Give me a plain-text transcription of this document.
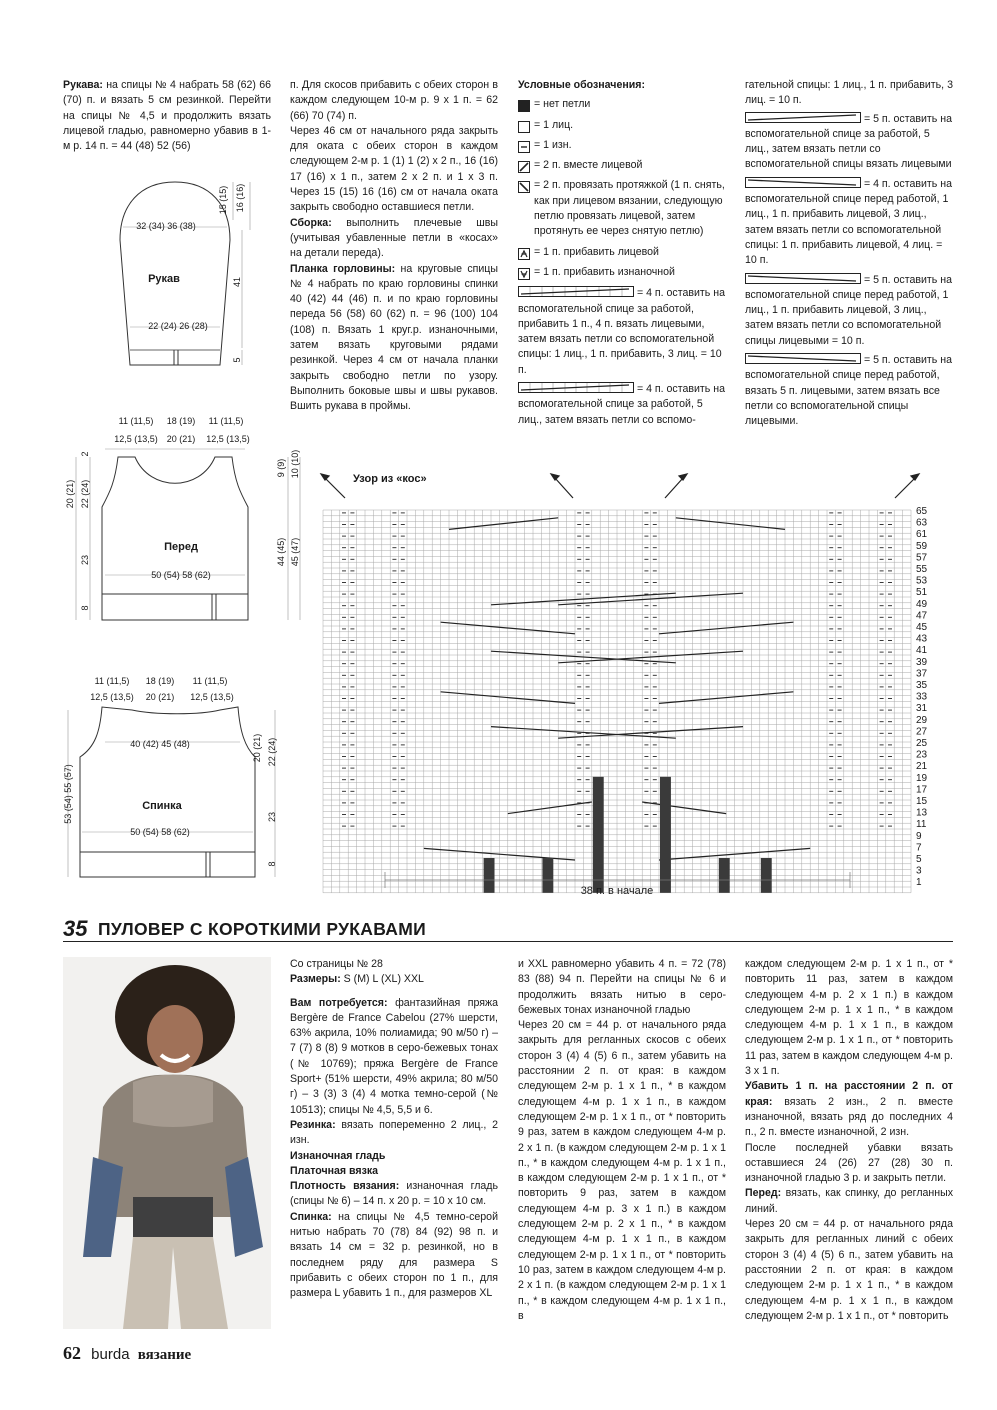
Рукава: на спицы № 4 набрать 58 (62) 66 (70) п. и вязать 5 см резинкой. Перейти на спицы № 4,5 и продолжить вязать лицевой гладью, равномерно убавив в 1-м р. 14 п. = 44 (48) 52 (56)

п. Для скосов прибавить с обеих сторон в каждом следующем 10-м р. 9 х 1 п. = 62 (66) 70 (74) п.

Через 46 см от начального ряда закрыть для оката с обеих сторон в каждом следующем 2-м р. 1 (1) 1 (2) х 2 п., 16 (16) 17 (16) х 1 п., затем 2 х 2 п. и 1 х 3 п. Через 15 (15) 16 (16) см от начала оката закрыть свободно оставшиеся петли.

Сборка: выполнить плечевые швы (учитывая убавленные петли в «косах» на детали переда).

Планка горловины: на круговые спицы № 4 набрать по краю горловины спинки 40 (42) 44 (46) п. и по краю горловины переда 56 (58) 60 (62) п. = 96 (100) 104 (108) п. Вязать 1 круг.р. изнаночными, затем вязать круговыми рядами резинкой. Через 4 см от начала планки закрыть свободно петли по узору. Выполнить боковые швы и швы рукавов. Вшить рукава в проймы.

Условные обозначения:
= нет петли
= 1 лиц.
= 1 изн.
= 2 п. вместе лицевой
= 2 п. провязать протяжкой (1 п. снять, как при лицевом вязании, следующую петлю провязать лицевой, затем протянуть ее через снятую петлю)
= 1 п. прибавить лицевой
= 1 п. прибавить изнаночной
= 4 п. оставить на вспомогательной спице за работой, прибавить 1 п., 4 п. вязать лицевыми, затем вязать петли со вспомогательной спицы: 1 лиц., 1 п. прибавить, 3 лиц. = 10 п.
= 4 п. оставить на вспомогательной спице за работой, 5 лиц., затем вязать петли со вспомо-

гательной спицы: 1 лиц., 1 п. прибавить, 3 лиц. = 10 п.

= 5 п. оставить на вспомогательной спице за работой, 5 лиц., затем вязать петли со вспомогательной спицы вязать лицевыми
= 4 п. оставить на вспомогательной спице перед работой, 1 лиц., 1 п. прибавить лицевой, 3 лиц., затем вязать петли со вспомогательной спицы: 1 п. прибавить лицевой, 4 лиц. = 10 п.
= 5 п. оставить на вспомогательной спице перед работой, 1 лиц., 1 п. прибавить лицевой, 3 лиц., затем вязать петли со вспомогательной спицы лицевыми = 10 п.
= 5 п. оставить на вспомогательной спице перед работой, вязать 5 п. лицевыми, затем вязать все петли со вспомогательной спицы лицевыми.
32 (34) 36 (38)
Рукав
22 (24) 26 (28)
15 (15) 16 (16)
41
5
11 (11,5) 18 (19) 11 (11,5)
12,5 (13,5) 20 (21) 12,5 (13,5)
Перед
50 (54) 58 (62)
20 (21) 22 (24)
2
23
8
9 (9) 10 (10)
44 (45) 45 (47)
11 (11,5) 18 (19) 11 (11,5)
12,5 (13,5) 20 (21) 12,5 (13,5)
40 (42) 45 (48)
Спинка
50 (54) 58 (62)
53 (54) 55 (57)
20 (21) 22 (24)
23
8
Узор из «кос»
65
63
61
59
57
55
53
51
49
47
45
43
41
39
37
35
33
31
29
27
25
23
21
19
17
15
13
11
9
7
5
3
1
38 п. в начале
35 ПУЛОВЕР С КОРОТКИМИ РУКАВАМИ

Со страницы № 28

Размеры: S (M) L (XL) XXL

Вам потребуется: фантазийная пряжа Bergère de France Cabelou (27% шерсти, 63% акрила, 10% полиамида; 90 м/50 г) – 7 (7) 8 (8) 9 мотков в серо-бежевых тонах (№ 10769); пряжа Bergère de France Sport+ (51% шерсти, 49% акрила; 80 м/50 г) – 3 (3) 3 (4) 4 мотка темно-серой (№ 10513); спицы № 4,5, 5,5 и 6.

Резинка: вязать попеременно 2 лиц., 2 изн.

Изнаночная гладь

Платочная вязка

Плотность вязания: изнаночная гладь (спицы № 6) – 14 п. х 20 р. = 10 х 10 см.

Спинка: на спицы № 4,5 темно-серой нитью набрать 70 (78) 84 (92) 98 п. и вязать 14 см = 32 р. резинкой, но в последнем ряду для размера S прибавить с обеих сторон по 1 п., для размера L убавить 1 п., для размеров XL

и XXL равномерно убавить 4 п. = 72 (78) 83 (88) 94 п. Перейти на спицы № 6 и продолжить вязать нитью в серо-бежевых тонах изнаночной гладью

Через 20 см = 44 р. от начального ряда закрыть для регланных скосов с обеих сторон 3 (4) 4 (5) 6 п., затем убавить на расстоянии 2 п. от края: в каждом следующем 2-м р. 1 х 1 п., * в каждом следующем 4-м р. 1 х 1 п., в каждом следующем 2-м р. 1 х 1 п., от * повторить 9 раз, затем в каждом следующем 4-м р. 2 х 1 п. (в каждом следующем 2-м р. 1 х 1 п., * в каждом следующем 4-м р. 1 х 1 п., в каждом следующем 2-м р. 1 х 1 п., от * повторить 9 раз, затем в каждом следующем 4-м р. 3 х 1 п.) в каждом следующем 2-м р. 2 х 1 п., * в каждом следующем 4-м р. 1 х 1 п., в каждом следующем 2-м р. 1 х 1 п., от * повторить 10 раз, затем в каждом следующем 4-м р. 2 х 1 п. (в каждом следующем 2-м р. 1 х 1 п., * в каждом следующем 4-м р. 1 х 1 п., в

каждом следующем 2-м р. 1 х 1 п., от * повторить 11 раз, затем в каждом следующем 4-м р. 2 х 1 п.) в каждом следующем 2-м р. 1 х 1 п., * в каждом следующем 4-м р. 1 х 1 п., в каждом следующем 2-м р. 1 х 1 п., от * повторить 11 раз, затем в каждом следующем 4-м р. 3 х 1 п.

Убавить 1 п. на расстоянии 2 п. от края: вязать 2 изн., 2 п. вместе изнаночной, вязать ряд до последних 4 п., 2 п. вместе изнаночной, 2 изн.

После последней убавки вязать оставшиеся 24 (26) 27 (28) 30 п. изнаночной гладью 3 р. и закрыть петли.

Перед: вязать, как спинку, до регланных линий.

Через 20 см = 44 р. от начального ряда закрыть для регланных линий с обеих сторон 3 (4) 4 (5) 6 п., затем убавить на расстоянии 2 п. от края: в каждом следующем 2-м р. 1 х 1 п., * в каждом следующем 4-м р. 1 х 1 п., в каждом следующем 2-м р. 1 х 1 п., от * повторить

62 burda вязание
